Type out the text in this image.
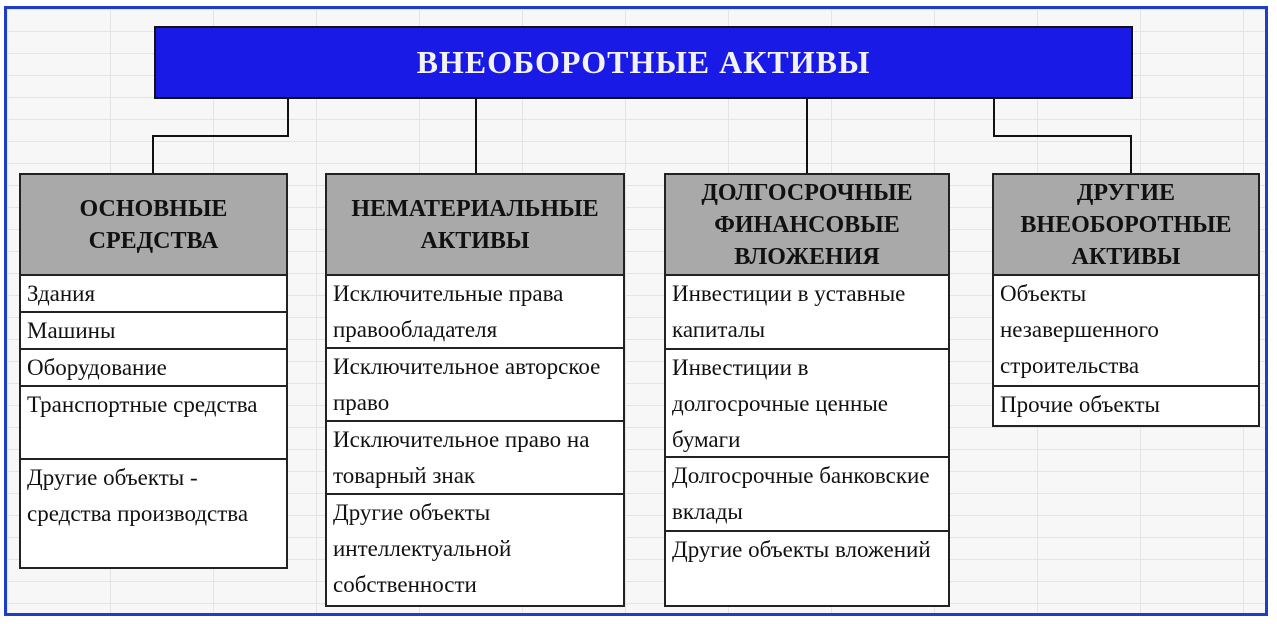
ВНЕОБОРОТНЫЕ АКТИВЫ
ОСНОВНЫЕ СРЕДСТВА
Здания
Машины
Оборудование
Транспортные средства
Другие объекты - средства производства
НЕМАТЕРИАЛЬНЫЕ АКТИВЫ
Исключительные права правообладателя
Исключительное авторское право
Исключительное право на товарный знак
Другие объекты интеллектуальной собственности
ДОЛГОСРОЧНЫЕ ФИНАНСОВЫЕ ВЛОЖЕНИЯ
Инвестиции в уставные капиталы
Инвестиции в долгосрочные ценные бумаги
Долгосрочные банковские вклады
Другие объекты вложений
ДРУГИЕ ВНЕОБОРОТНЫЕ АКТИВЫ
Объекты незавершенного строительства
Прочие объекты
